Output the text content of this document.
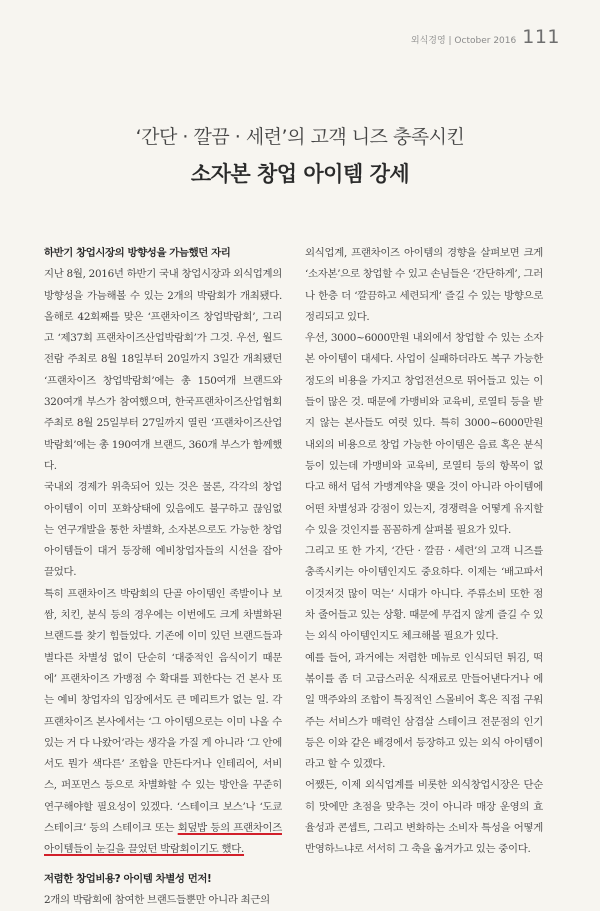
외식경영 | October 2016 111
‘간단 · 깔끔 · 세련’의 고객 니즈 충족시킨
소자본 창업 아이템 강세
하반기 창업시장의 방향성을 가늠했던 자리

지난 8월, 2016년 하반기 국내 창업시장과 외식업계의 방향성을 가늠해볼 수 있는 2개의 박람회가 개최됐다. 올해로 42회째를 맞은 ‘프랜차이즈 창업박람회’, 그리고 ‘제37회 프랜차이즈산업박람회’가 그것. 우선, 월드전람 주최로 8월 18일부터 20일까지 3일간 개최됐던 ‘프랜차이즈 창업박람회’에는 총 150여개 브랜드와 320여개 부스가 참여했으며, 한국프랜차이즈산업협회 주최로 8월 25일부터 27일까지 열린 ‘프랜차이즈산업박람회’에는 총 190여개 브랜드, 360개 부스가 함께했다.

국내외 경제가 위축되어 있는 것은 물론, 각각의 창업 아이템이 이미 포화상태에 있음에도 불구하고 끊임없는 연구개발을 통한 차별화, 소자본으로도 가능한 창업 아이템들이 대거 등장해 예비창업자들의 시선을 잡아끌었다.

특히 프랜차이즈 박람회의 단골 아이템인 족발이나 보쌈, 치킨, 분식 등의 경우에는 이번에도 크게 차별화된 브랜드를 찾기 힘들었다. 기존에 이미 있던 브랜드들과 별다른 차별성 없이 단순히 ‘대중적인 음식이기 때문에’ 프랜차이즈 가맹점 수 확대를 꾀한다는 건 본사 또는 예비 창업자의 입장에서도 큰 메리트가 없는 일. 각 프랜차이즈 본사에서는 ‘그 아이템으로는 이미 나올 수 있는 거 다 나왔어’라는 생각을 가질 게 아니라 ‘그 안에서도 뭔가 색다른’ 조합을 만든다거나 인테리어, 서비스, 퍼포먼스 등으로 차별화할 수 있는 방안을 꾸준히 연구해야할 필요성이 있겠다. ‘스테이크 보스’나 ‘도쿄 스테이크’ 등의 스테이크 또는 회덮밥 등의 프랜차이즈 아이템들이 눈길을 끌었던 박람회이기도 했다.

저렴한 창업비용? 아이템 차별성 먼저!

2개의 박람회에 참여한 브랜드들뿐만 아니라 최근의

외식업계, 프랜차이즈 아이템의 경향을 살펴보면 크게 ‘소자본’으로 창업할 수 있고 손님들은 ‘간단하게’, 그러나 한층 더 ‘깔끔하고 세련되게’ 즐길 수 있는 방향으로 정리되고 있다.

우선, 3000~6000만원 내외에서 창업할 수 있는 소자본 아이템이 대세다. 사업이 실패하더라도 복구 가능한 정도의 비용을 가지고 창업전선으로 뛰어들고 있는 이들이 많은 것. 때문에 가맹비와 교육비, 로열티 등을 받지 않는 본사들도 여럿 있다. 특히 3000~6000만원 내외의 비용으로 창업 가능한 아이템은 음료 혹은 분식 등이 있는데 가맹비와 교육비, 로열티 등의 항목이 없다고 해서 덥석 가맹계약을 맺을 것이 아니라 아이템에 어떤 차별성과 강점이 있는지, 경쟁력을 어떻게 유지할 수 있을 것인지를 꼼꼼하게 살펴볼 필요가 있다.

그리고 또 한 가지, ‘간단 · 깔끔 · 세련’의 고객 니즈를 충족시키는 아이템인지도 중요하다. 이제는 ‘배고파서 이것저것 많이 먹는’ 시대가 아니다. 주류소비 또한 점차 줄어들고 있는 상황. 때문에 무겁지 않게 즐길 수 있는 외식 아이템인지도 체크해볼 필요가 있다.

예를 들어, 과거에는 저렴한 메뉴로 인식되던 튀김, 떡볶이를 좀 더 고급스러운 식재료로 만들어낸다거나 에일 맥주와의 조합이 특징적인 스몰비어 혹은 직접 구워주는 서비스가 매력인 삼겹살 스테이크 전문점의 인기 등은 이와 같은 배경에서 등장하고 있는 외식 아이템이라고 할 수 있겠다.

어쨌든, 이제 외식업계를 비롯한 외식창업시장은 단순히 맛에만 초점을 맞추는 것이 아니라 매장 운영의 효율성과 콘셉트, 그리고 변화하는 소비자 특성을 어떻게 반영하느냐로 서서히 그 축을 옮겨가고 있는 중이다.
